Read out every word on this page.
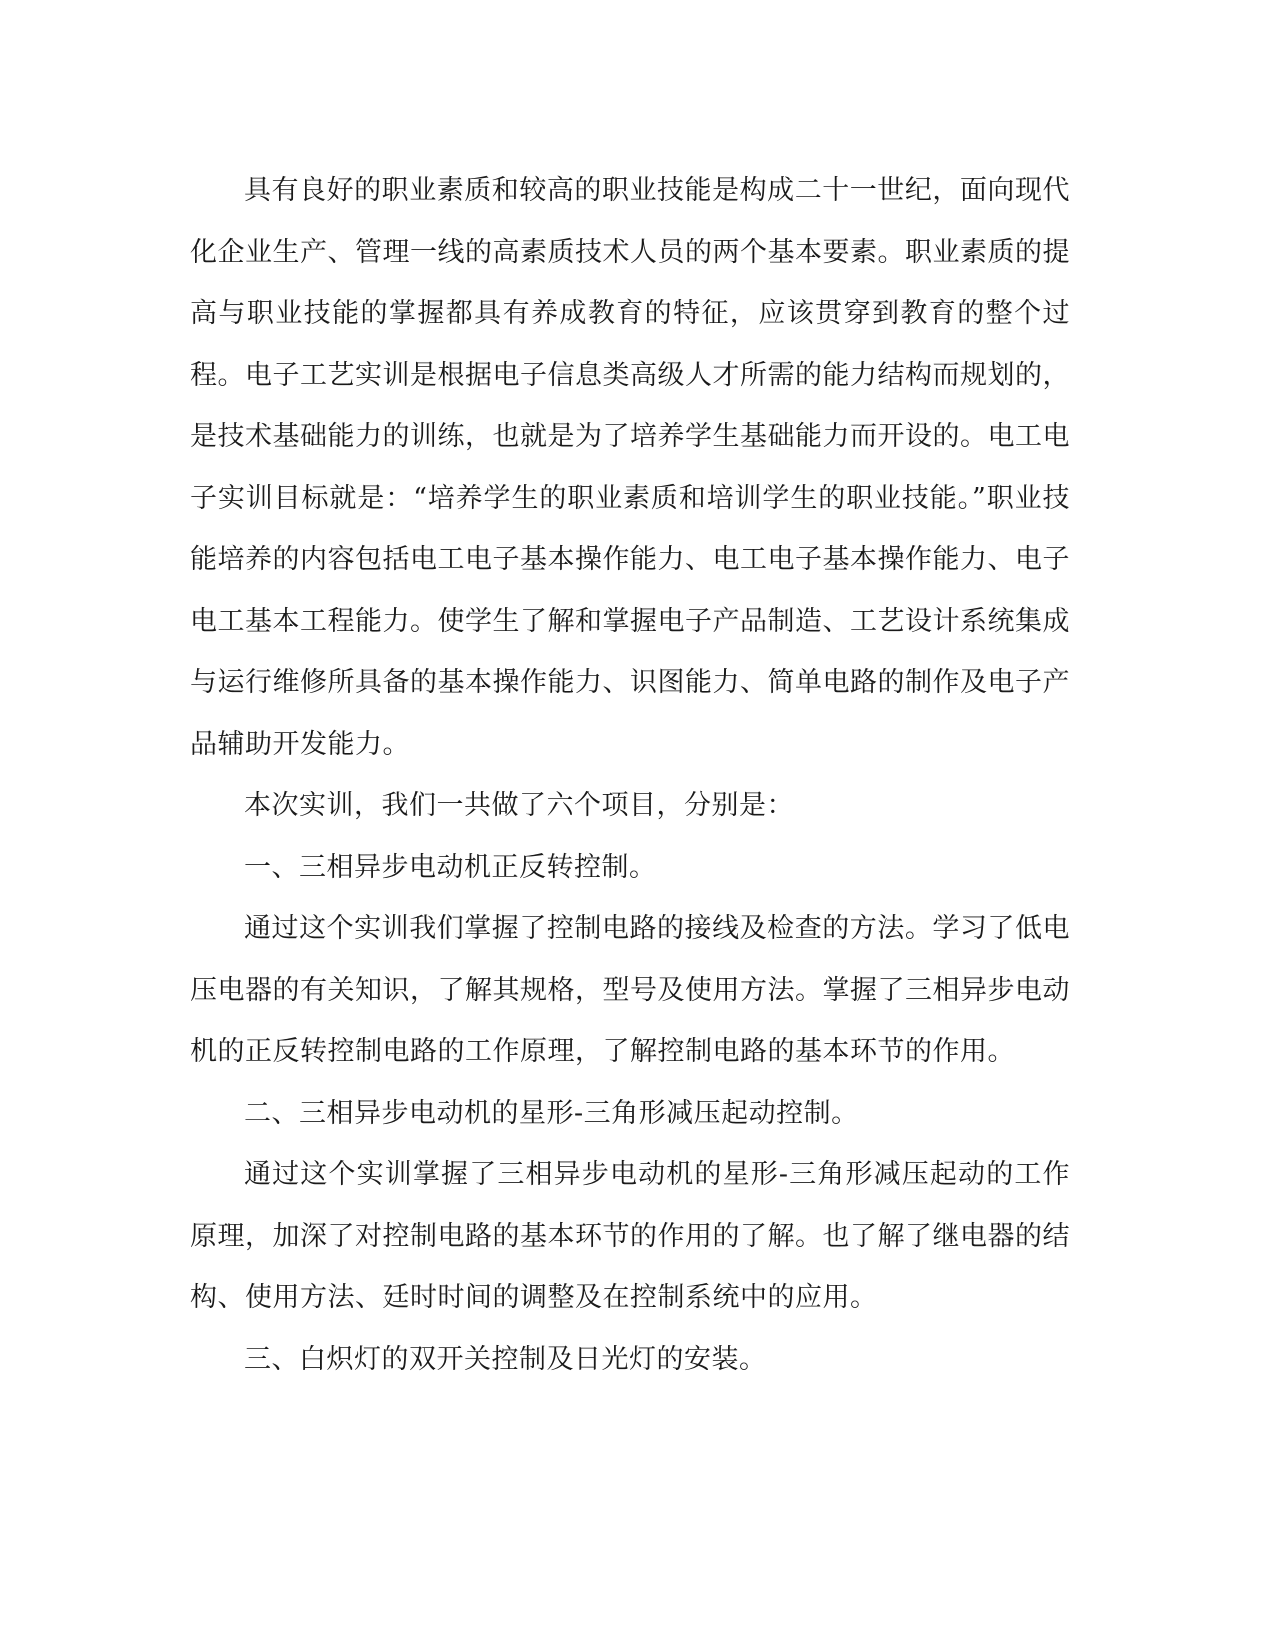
具有良好的职业素质和较高的职业技能是构成二十一世纪，面向现代化企业生产、管理一线的高素质技术人员的两个基本要素。职业素质的提高与职业技能的掌握都具有养成教育的特征，应该贯穿到教育的整个过程。电子工艺实训是根据电子信息类高级人才所需的能力结构而规划的，是技术基础能力的训练，也就是为了培养学生基础能力而开设的。电工电子实训目标就是：“培养学生的职业素质和培训学生的职业技能。”职业技能培养的内容包括电工电子基本操作能力、电工电子基本操作能力、电子电工基本工程能力。使学生了解和掌握电子产品制造、工艺设计系统集成与运行维修所具备的基本操作能力、识图能力、简单电路的制作及电子产品辅助开发能力。

本次实训，我们一共做了六个项目，分别是：

一、三相异步电动机正反转控制。

通过这个实训我们掌握了控制电路的接线及检查的方法。学习了低电压电器的有关知识，了解其规格，型号及使用方法。掌握了三相异步电动机的正反转控制电路的工作原理，了解控制电路的基本环节的作用。

二、三相异步电动机的星形-三角形减压起动控制。

通过这个实训掌握了三相异步电动机的星形-三角形减压起动的工作原理，加深了对控制电路的基本环节的作用的了解。也了解了继电器的结构、使用方法、廷时时间的调整及在控制系统中的应用。

三、白炽灯的双开关控制及日光灯的安装。
